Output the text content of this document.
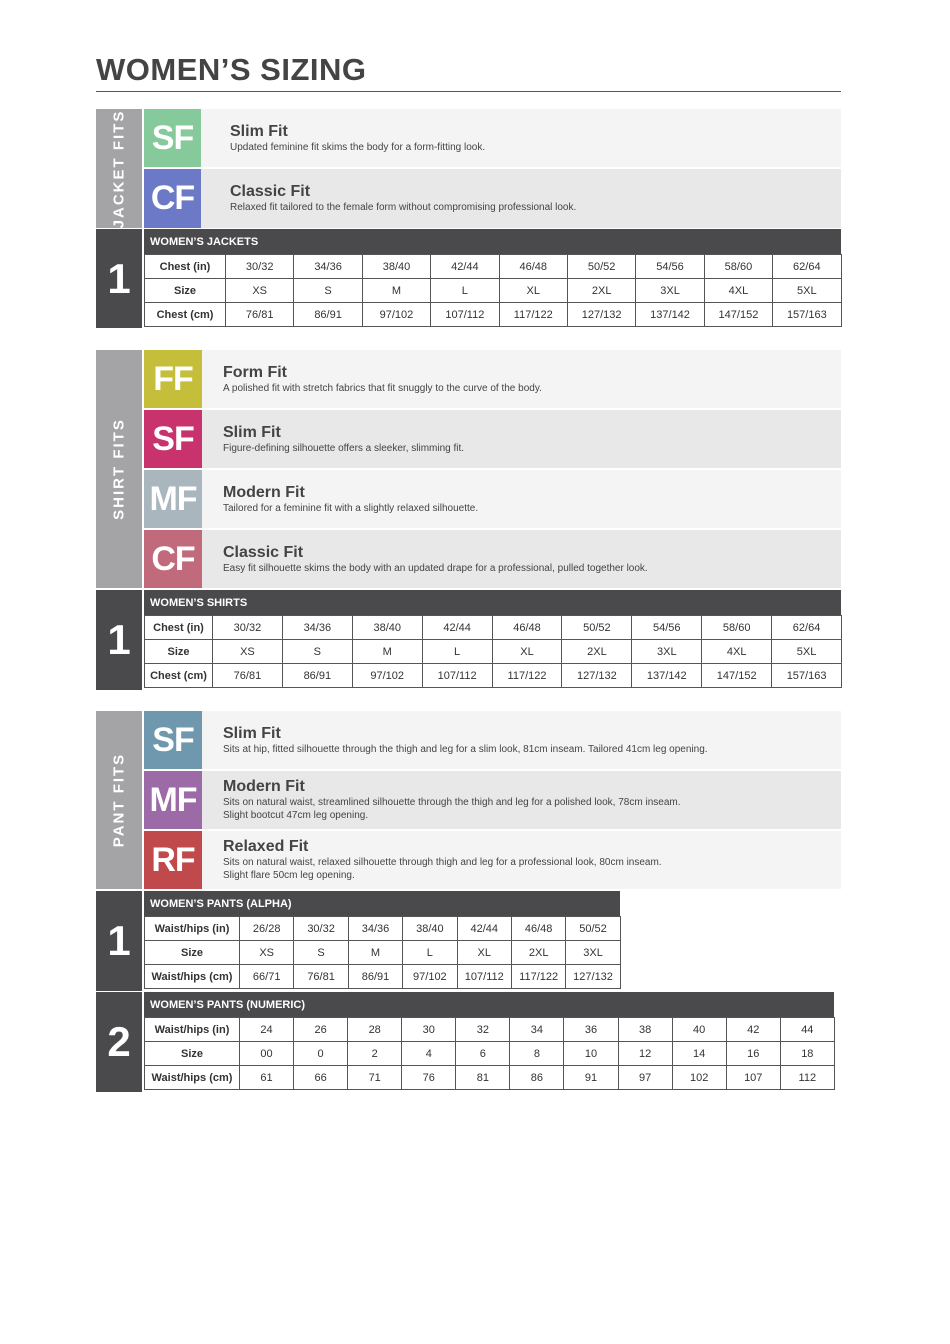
WOMEN’S SIZING
JACKET FITS SF	Slim Fit
Updated feminine fit skims the body for a form-fitting look.
CF	Classic Fit
Relaxed fit tailored to the female form without compromising professional look.
1
WOMEN’S JACKETS
Chest (in)	30/32	34/36	38/40	42/44	46/48	50/52	54/56	58/60	62/64
Size	XS	S	M	L	XL	2XL	3XL	4XL	5XL
Chest (cm)	76/81	86/91	97/102	107/112	117/122	127/132	137/142	147/152	157/163
SHIRT FITS
FF	Form Fit
A polished fit with stretch fabrics that fit snuggly to the curve of the body.
SF	Slim Fit
Figure-defining silhouette offers a sleeker, slimming fit.
MF	Modern Fit
Tailored for a feminine fit with a slightly relaxed silhouette.
CF	Classic Fit
Easy fit silhouette skims the body with an updated drape for a professional, pulled together look.
1
WOMEN’S SHIRTS
Chest (in)	30/32	34/36	38/40	42/44	46/48	50/52	54/56	58/60	62/64
Size	XS	S	M	L	XL	2XL	3XL	4XL	5XL
Chest (cm)	76/81	86/91	97/102	107/112	117/122	127/132	137/142	147/152	157/163
PANT FITS
SF	Slim Fit
Sits at hip, fitted silhouette through the thigh and leg for a slim look, 81cm inseam. Tailored 41cm leg opening.
MF	Modern Fit
Sits on natural waist, streamlined silhouette through the thigh and leg for a polished look, 78cm inseam.
Slight bootcut 47cm leg opening.
RF	Relaxed Fit
Sits on natural waist, relaxed silhouette through thigh and leg for a professional look, 80cm inseam.
Slight flare 50cm leg opening.
1
WOMEN’S PANTS (ALPHA)
Waist/hips (in)	26/28	30/32	34/36	38/40	42/44	46/48	50/52
Size	XS	S	M	L	XL	2XL	3XL
Waist/hips (cm)	66/71	76/81	86/91	97/102	107/112	117/122	127/132
2
WOMEN’S PANTS (NUMERIC)
Waist/hips (in)	24	26	28	30	32	34	36	38	40	42	44
Size	00	0	2	4	6	8	10	12	14	16	18
Waist/hips (cm)	61	66	71	76	81	86	91	97	102	107	112
